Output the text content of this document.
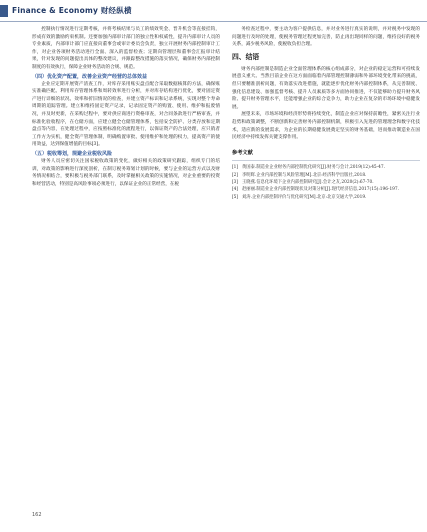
Finance & Economy 财经纵横

控制执行情况进行定期考核，并将考核结果与员工的绩效奖金、晋升机会等直接挂钩，形成有效的激励约束机制。还要加强内部审计部门的独立性和权威性，提升内部审计人员的专业素质，内部审计部门应直接向董事会或审计委员会负责，独立开展财务内部控制审计工作，对企业各项财务活动进行全面、深入的监督检查；定期向管理层和董事会汇报审计结果，针对发现的问题提出具体的整改建议，并跟踪整改措施的落实情况，确保财务内部控制制度的有效执行，保障企业财务活动的合规、规范。

（四）优化资产配置，改善企业资产经营的总体效益

企业应定期开展资产清查工作，对库存采用账实盘点配合采取数据核算的方法，确保账实准确匹配。利用库存管理体系和周转效率进行分析，并对库存结构进行优化，要对固定资产进行详细的状况、效率和折旧情况的检查，并建立资产标识和记录系统，实现对整个寿命周期的追踪管理。建立和维持固定资产记录，记录固定资产的购置、使用、维护和报废情况，并及时更新，在采购过程中，要对供应商进行资格审查，对合同条款进行严格审查，并标准化验收程序，在仓储方面，应建立健全仓储管理体系，包括安全防护、分类存放和定期盘点等内容，在处理过程中，应按照标准化的流程进行，以保证资产的合法处理，应只销者工作方为实机，健全资产管理体制，明确购置审批、使用维护和处理的权力，提高资产的使用效益，达到保值增值的目标[3]。

（五）税收筹划，规避企业税收风险

财务人员应密切关注国家税收政策的变化，做好相关的政策研究跟踪，组织专门的培训，对政策的影响进行深度剖析，在制订税务筹划计划的时候，要与企业的运营方式以及财务情况相结合，要积极与税务部门联系，及时掌握相关政策的实施情况，对企业重要的投资和经营活动，特别是高风险事项必须进行，以保证企业的正常经营，在税

务检查过程中，要主动为客户提供信息，并对业务进行真实的说明，并对税务中发现的问题进行及时的处理，使税务管理过程更加完善，防止再出现同样的问题，维持良好的税务关系，减少税务风险，使税收负担合理。

四、结语

财务内部控制是制造企业全面管理体系的核心组成部分，对企业的稳定运营和可持续发展意义重大。当然目前企业在这方面面临着内部管理控制薄弱和外部环境变化带来的挑战，但只要精准剖析问题，有效落实改进措施，就能逐步优化财务内部控制体系，从完善制度、强化信息建设、加强监督考核、提升人员素质等多方面协同推进，不仅能够助力提升财务风险、提升财务管理水平，还能增强企业的综合竞争力，助力企业在复杂的市场环境中稳健发展。

展望未来，市场环境和经济形势将持续变化，制造企业应对保持前瞻性，紧密关注行业趋势和政策调整，不断创新和完善财务内部控制机制，积极引入先进的管理理念和数字化技术，适应新的发展需求，为企业的长期稳健发展奠定坚实的财务基础，进而推动制造业在国民经济中持续发挥关键支撑作用。

参考文献

[1] 黄国泰.制造业企业财务内部控制优化研究[J].财务与会计,2019(12):45-47.
[2] 李明辉.企业内部控制与风险管理[M].北京:经济科学出版社,2018.
[3] 王晓燕.信息化环境下企业内部控制研究[J].会计之友,2020(2):67-70.
[4] 赵丽丽.制造业企业内部控制现状及对策分析[J].现代经济信息,2017(15):196-197.
[5] 刘涛.企业内部控制评价与优化研究[M].北京:北京交通大学,2019.
162
